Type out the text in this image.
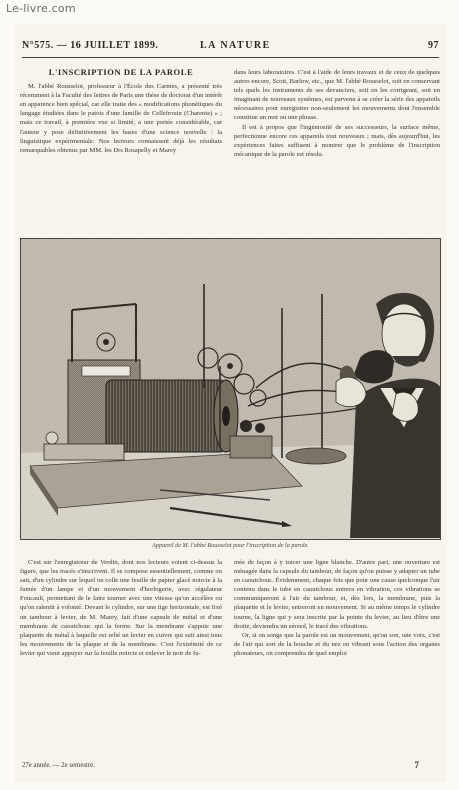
Le-livre.com
N°575. — 16 JUILLET 1899.	LA NATURE	97
L'INSCRIPTION DE LA PAROLE

M. l'abbé Rousselot, professeur à l'École des Carmes, a présenté très récemment à la Faculté des lettres de Paris une thèse de doctorat d'un intérêt en apparence bien spécial, car elle traite des « modifications phonétiques du langage étudiées dans le patois d'une famille de Cellefrouin (Charente) » ; mais ce travail, à première vue si limité, a une portée considérable, car l'auteur y pose définitivement les bases d'une science nouvelle : la linguistique expérimentale. Nos lecteurs connaissent déjà les résultats remarquables obtenus par MM. les Drs Rosapelly et Marey

dans leurs laboratoires. C'est à l'aide de leurs travaux et de ceux de quelques autres encore, Scott, Barlow, etc., que M. l'abbé Rousselot, soit en conservant tels quels les instruments de ses devanciers, soit en les corrigeant, soit en imaginant de nouveaux systèmes, est parvenu à se créer la série des appareils nécessaires pour enregistrer non-seulement les mouvements dont l'ensemble constitue un mot ou une phrase.

Il est à propos que l'ingéniosité de ses successeurs, la surface même, perfectionne encore ces appareils tout nouveaux ; mais, dès aujourd'hui, les expériences faites suffisent à montrer que le problème de l'inscription mécanique de la parole est résolu.

Appareil de M. l'abbé Rousselot pour l'inscription de la parole.

C'est sur l'enregistreur de Verdin, dont nos lecteurs voient ci-dessus la figure, que les tracés s'inscrivent. Il se compose essentiellement, comme on sait, d'un cylindre sur lequel on colle une feuille de papier glacé noircie à la fumée d'un lampe et d'un mouvement d'horlogerie, avec régulateur Foucault, permettant de le faire tourner avec une vitesse qu'on accélère ou qu'on ralentit à volonté. Devant le cylindre, sur une tige horizontale, est fixé un tambour à levier, de M. Marey, fait d'une capsule de métal et d'une membrane de caoutchouc qui la ferme. Sur la membrane s'appuie une plaquette de métal à laquelle est relié un levier en cuivre qui suit ainsi tous les mouvements de la plaque et de la membrane. C'est l'extrémité de ce levier qui vient appuyer sur la feuille noircie et enlever le noir de fu-

mée de façon à y tracer une ligne blanche. D'autre part, une ouverture est ménagée dans la capsule du tambour, de façon qu'on puisse y adapter un tube en caoutchouc. Évidemment, chaque fois que pour une cause quelconque l'air contenu dans le tube en caoutchouc entrera en vibration, ces vibrations se communiqueront à l'air du tambour, et, dès lors, la membrane, puis la plaquette et le levier, entreront en mouvement. Si au même temps le cylindre tourne, la ligne qui y sera inscrite par la pointe du levier, au lieu d'être une droite, deviendra un zérzed, le tracé des vibrations.

Or, si on songe que la parole est un mouvement, qu'on son, une voix, c'est de l'air qui sort de la bouche et du nez en vibrant sous l'action des organes phonateurs, on comprendra de quel emploi

27e année. — 2e semestre.	7
